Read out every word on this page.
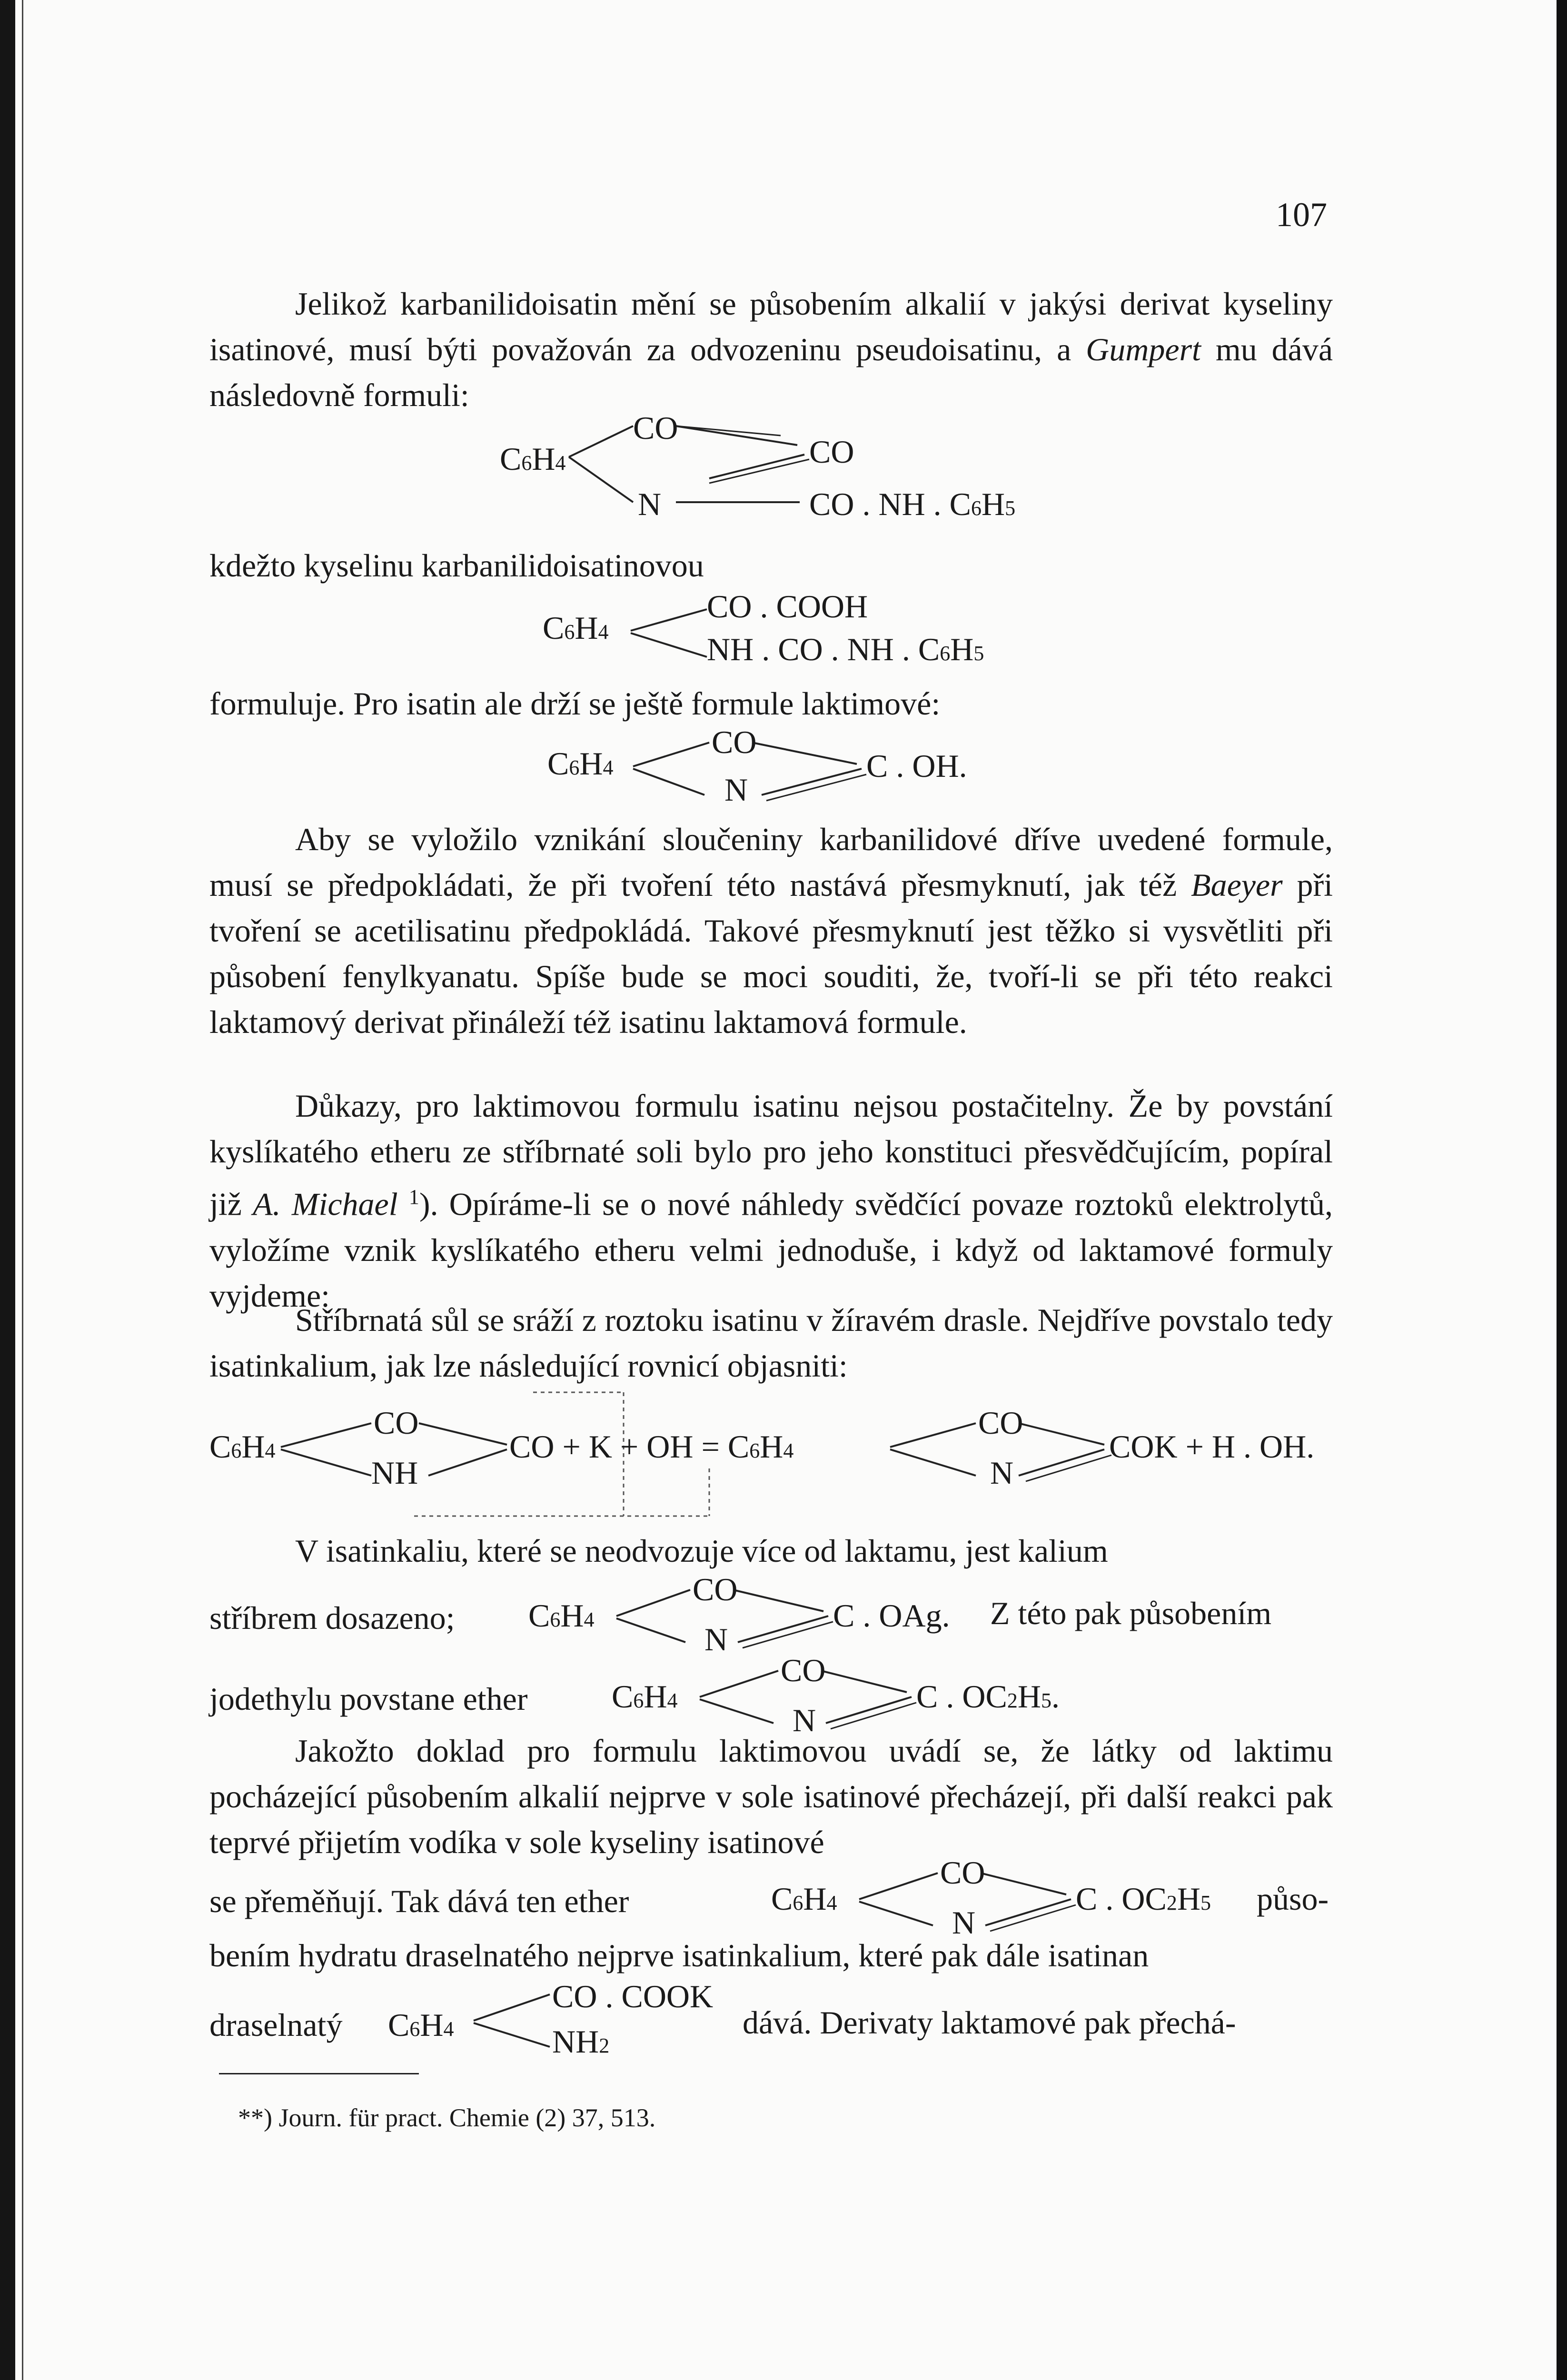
107

Jelikož karbanilidoisatin mění se působením alkalií v jakýsi derivat kyseliny isatinové, musí býti považován za odvozeninu pseudoisatinu, a Gumpert mu dává následovně formuli:

C6H4
CO
CO
N	CO . NH . C6H5

kdežto kyselinu karbanilidoisatinovou

C6H4
CO . COOH
NH . CO . NH . C6H5

formuluje. Pro isatin ale drží se ještě formule laktimové:

C6H4
CO
N
C . OH.

Aby se vyložilo vznikání sloučeniny karbanilidové dříve uvedené formule, musí se předpokládati, že při tvoření této nastává přesmyknutí, jak též Baeyer při tvoření se acetilisatinu předpokládá. Takové přesmyknutí jest těžko si vysvětliti při působení fenylkyanatu. Spíše bude se moci souditi, že, tvoří-li se při této reakci laktamový derivat přináleží též isatinu laktamová formule.

Důkazy, pro laktimovou formulu isatinu nejsou postačitelny. Že by povstání kyslíkatého etheru ze stříbrnaté soli bylo pro jeho konstituci přesvědčujícím, popíral již A. Michael $^1$). Opíráme-li se o nové náhledy svědčící povaze roztoků elektrolytů, vyložíme vznik kyslíkatého etheru velmi jednoduše, i když od laktamové formuly vyjdeme:

Stříbrnatá sůl se sráží z roztoku isatinu v žíravém drasle. Nejdříve povstalo tedy isatinkalium, jak lze následující rovnicí objasniti:

C6H4
CO
NH
CO + K + OH = C6H4
CO
N
COK + H . OH.

V isatinkaliu, které se neodvozuje více od laktamu, jest kalium

stříbrem dosazeno; C6H4
CO
N
C . OAg. Z této pak působením
jodethylu povstane ether	C6H4
CO
N
C . OC2H5.

Jakožto doklad pro formulu laktimovou uvádí se, že látky od laktimu pocházející působením alkalií nejprve v sole isatinové přecházejí, při další reakci pak teprvé přijetím vodíka v sole kyseliny isatinové

se přeměňují. Tak dává ten ether	C6H4
CO
N
C . OC2H5 půso-

bením hydratu draselnatého nejprve isatinkalium, které pak dále isatinan

draselnatý C6H4
CO . COOK
NH2
dává. Derivaty laktamové pak přechá-
**) Journ. für pract. Chemie (2) 37, 513.
